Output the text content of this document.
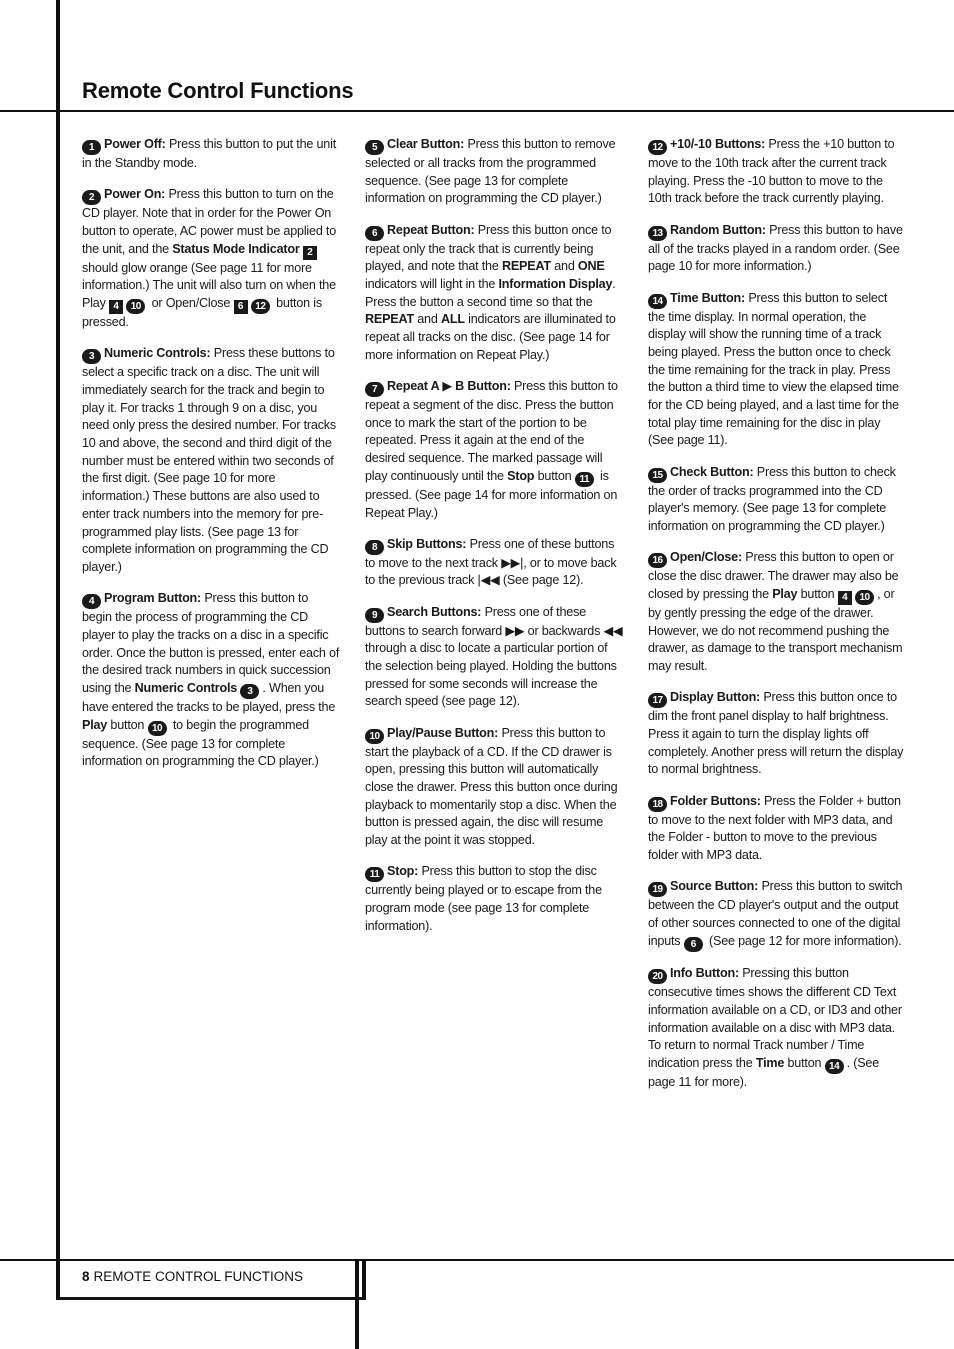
Remote Control Functions

1 Power Off: Press this button to put the unit in the Standby mode.

2 Power On: Press this button to turn on the CD player. Note that in order for the Power On button to operate, AC power must be applied to the unit, and the Status Mode Indicator 2 should glow orange (See page 11 for more information.) The unit will also turn on when the Play 4 10 or Open/Close 6 12 button is pressed.

3 Numeric Controls: Press these buttons to select a specific track on a disc. The unit will immediately search for the track and begin to play it. For tracks 1 through 9 on a disc, you need only press the desired number. For tracks 10 and above, the second and third digit of the number must be entered within two seconds of the first digit. (See page 10 for more information.) These buttons are also used to enter track numbers into the memory for pre-programmed play lists. (See page 13 for complete information on programming the CD player.)

4 Program Button: Press this button to begin the process of programming the CD player to play the tracks on a disc in a specific order. Once the button is pressed, enter each of the desired track numbers in quick succession using the Numeric Controls 3 . When you have entered the tracks to be played, press the Play button 10 to begin the programmed sequence. (See page 13 for complete information on programming the CD player.)

5 Clear Button: Press this button to remove selected or all tracks from the programmed sequence. (See page 13 for complete information on programming the CD player.)

6 Repeat Button: Press this button once to repeat only the track that is currently being played, and note that the REPEAT and ONE indicators will light in the Information Display. Press the button a second time so that the REPEAT and ALL indicators are illuminated to repeat all tracks on the disc. (See page 14 for more information on Repeat Play.)

7 Repeat A ▶ B Button: Press this button to repeat a segment of the disc. Press the button once to mark the start of the portion to be repeated. Press it again at the end of the desired sequence. The marked passage will play continuously until the Stop button 11 is pressed. (See page 14 for more information on Repeat Play.)

8 Skip Buttons: Press one of these buttons to move to the next track ▶▶|, or to move back to the previous track |◀◀ (See page 12).

9 Search Buttons: Press one of these buttons to search forward ▶▶ or backwards ◀◀ through a disc to locate a particular portion of the selection being played. Holding the buttons pressed for some seconds will increase the search speed (see page 12).

10 Play/Pause Button: Press this button to start the playback of a CD. If the CD drawer is open, pressing this button will automatically close the drawer. Press this button once during playback to momentarily stop a disc. When the button is pressed again, the disc will resume play at the point it was stopped.

11 Stop: Press this button to stop the disc currently being played or to escape from the program mode (see page 13 for complete information).

12 +10/-10 Buttons: Press the +10 button to move to the 10th track after the current track playing. Press the -10 button to move to the 10th track before the track currently playing.

13 Random Button: Press this button to have all of the tracks played in a random order. (See page 10 for more information.)

14 Time Button: Press this button to select the time display. In normal operation, the display will show the running time of a track being played. Press the button once to check the time remaining for the track in play. Press the button a third time to view the elapsed time for the CD being played, and a last time for the total play time remaining for the disc in play (See page 11).

15 Check Button: Press this button to check the order of tracks programmed into the CD player's memory. (See page 13 for complete information on programming the CD player.)

16 Open/Close: Press this button to open or close the disc drawer. The drawer may also be closed by pressing the Play button 4 10 , or by gently pressing the edge of the drawer. However, we do not recommend pushing the drawer, as damage to the transport mechanism may result.

17 Display Button: Press this button once to dim the front panel display to half brightness. Press it again to turn the display lights off completely. Another press will return the display to normal brightness.

18 Folder Buttons: Press the Folder + button to move to the next folder with MP3 data, and the Folder - button to move to the previous folder with MP3 data.

19 Source Button: Press this button to switch between the CD player's output and the output of other sources connected to one of the digital inputs 6 (See page 12 for more information).

20 Info Button: Pressing this button consecutive times shows the different CD Text information available on a CD, or ID3 and other information available on a disc with MP3 data. To return to normal Track number / Time indication press the Time button 14 . (See page 11 for more).

8 REMOTE CONTROL FUNCTIONS
